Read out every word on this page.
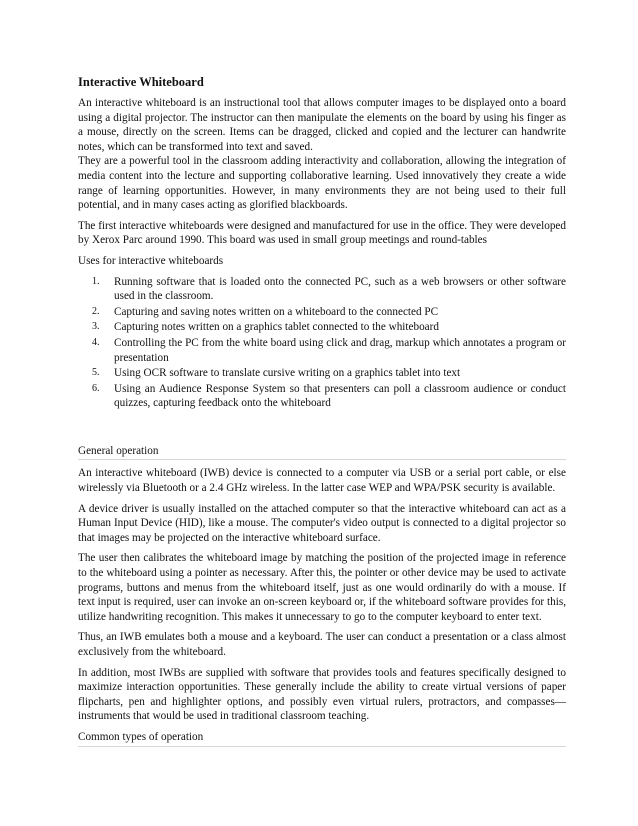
Interactive Whiteboard

An interactive whiteboard is an instructional tool that allows computer images to be displayed onto a board using a digital projector. The instructor can then manipulate the elements on the board by using his finger as a mouse, directly on the screen. Items can be dragged, clicked and copied and the lecturer can handwrite notes, which can be transformed into text and saved.

They are a powerful tool in the classroom adding interactivity and collaboration, allowing the integration of media content into the lecture and supporting collaborative learning. Used innovatively they create a wide range of learning opportunities. However, in many environments they are not being used to their full potential, and in many cases acting as glorified blackboards.

The first interactive whiteboards were designed and manufactured for use in the office. They were developed by Xerox Parc around 1990. This board was used in small group meetings and round-tables

Uses for interactive whiteboards
1.	Running software that is loaded onto the connected PC, such as a web browsers or other software used in the classroom.
2.	Capturing and saving notes written on a whiteboard to the connected PC
3.	Capturing notes written on a graphics tablet connected to the whiteboard
4.	Controlling the PC from the white board using click and drag, markup which annotates a program or presentation
5.	Using OCR software to translate cursive writing on a graphics tablet into text
6.	Using an Audience Response System so that presenters can poll a classroom audience or conduct quizzes, capturing feedback onto the whiteboard
General operation

An interactive whiteboard (IWB) device is connected to a computer via USB or a serial port cable, or else wirelessly via Bluetooth or a 2.4 GHz wireless. In the latter case WEP and WPA/PSK security is available.

A device driver is usually installed on the attached computer so that the interactive whiteboard can act as a Human Input Device (HID), like a mouse. The computer's video output is connected to a digital projector so that images may be projected on the interactive whiteboard surface.

The user then calibrates the whiteboard image by matching the position of the projected image in reference to the whiteboard using a pointer as necessary. After this, the pointer or other device may be used to activate programs, buttons and menus from the whiteboard itself, just as one would ordinarily do with a mouse. If text input is required, user can invoke an on-screen keyboard or, if the whiteboard software provides for this, utilize handwriting recognition. This makes it unnecessary to go to the computer keyboard to enter text.

Thus, an IWB emulates both a mouse and a keyboard. The user can conduct a presentation or a class almost exclusively from the whiteboard.

In addition, most IWBs are supplied with software that provides tools and features specifically designed to maximize interaction opportunities. These generally include the ability to create virtual versions of paper flipcharts, pen and highlighter options, and possibly even virtual rulers, protractors, and compasses—instruments that would be used in traditional classroom teaching.

Common types of operation
